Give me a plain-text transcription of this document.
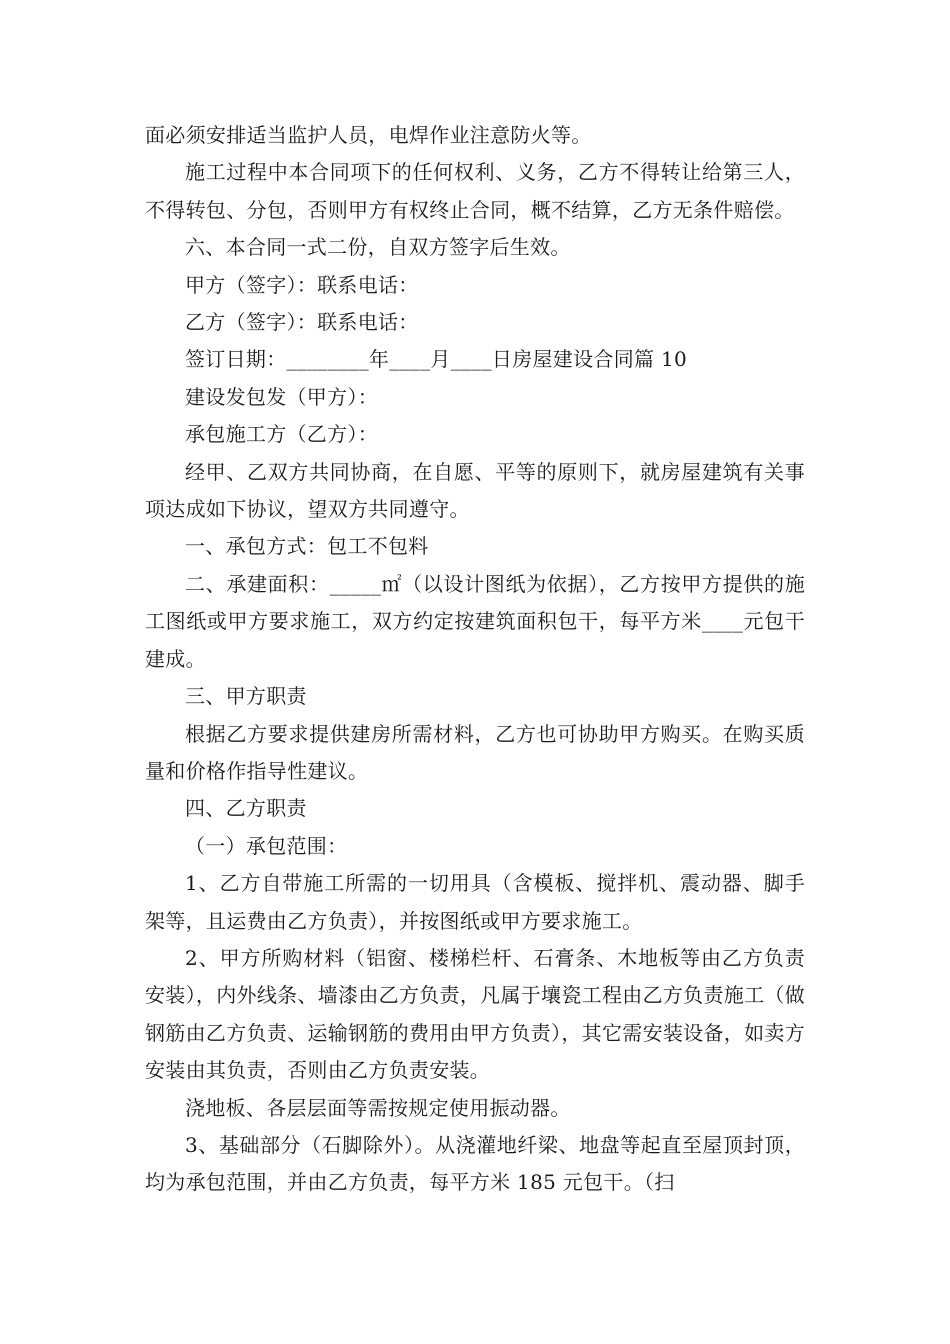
面必须安排适当监护人员，电焊作业注意防火等。

施工过程中本合同项下的任何权利、义务，乙方不得转让给第三人，不得转包、分包，否则甲方有权终止合同，概不结算，乙方无条件赔偿。

六、本合同一式二份，自双方签字后生效。

甲方（签字）：联系电话：

乙方（签字）：联系电话：

签订日期：________年____月____日房屋建设合同篇 10

建设发包发（甲方）：

承包施工方（乙方）：

经甲、乙双方共同协商，在自愿、平等的原则下，就房屋建筑有关事项达成如下协议，望双方共同遵守。

一、承包方式：包工不包料

二、承建面积：_____㎡（以设计图纸为依据），乙方按甲方提供的施工图纸或甲方要求施工，双方约定按建筑面积包干，每平方米____元包干建成。

三、甲方职责

根据乙方要求提供建房所需材料，乙方也可协助甲方购买。在购买质量和价格作指导性建议。

四、乙方职责

（一）承包范围：

1、乙方自带施工所需的一切用具（含模板、搅拌机、震动器、脚手架等，且运费由乙方负责），并按图纸或甲方要求施工。

2、甲方所购材料（铝窗、楼梯栏杆、石膏条、木地板等由乙方负责安装），内外线条、墙漆由乙方负责，凡属于壤瓷工程由乙方负责施工（做钢筋由乙方负责、运输钢筋的费用由甲方负责），其它需安装设备，如卖方安装由其负责，否则由乙方负责安装。

浇地板、各层层面等需按规定使用振动器。

3、基础部分（石脚除外）。从浇灌地纤梁、地盘等起直至屋顶封顶，均为承包范围，并由乙方负责，每平方米 185 元包干。（扫
